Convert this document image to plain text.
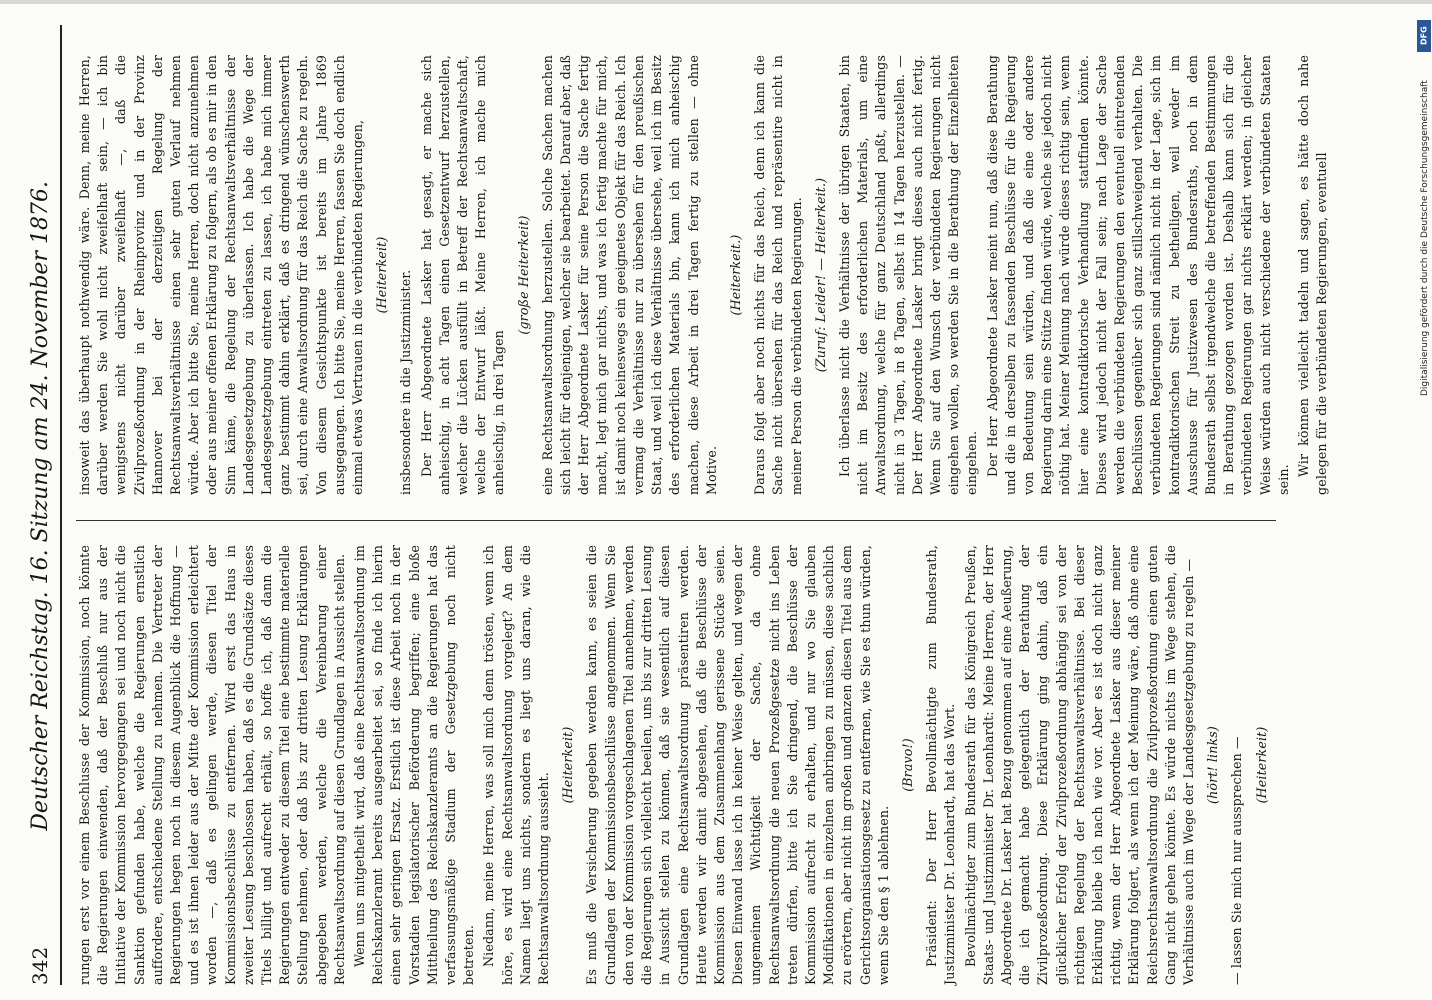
342
Deutscher Reichstag. 16. Sitzung am 24. November 1876. rungen erst vor einem Beschlusse der Kommission, noch könnte die Regierungen einwenden, daß der Beschluß nur aus der Initiative der Kommission hervorgegangen sei und noch nicht die Sanktion gefunden habe, welche die Regierungen ernstlich auffordere, entschiedene Stellung zu nehmen. Die Vertreter der Regierungen hegen noch in diesem Augenblick die Hoffnung — und es ist ihnen leider aus der Mitte der Kommission erleichtert worden —, daß es gelingen werde, diesen Titel der Kommissionsbeschlüsse zu entfernen. Wird erst das Haus in zweiter Lesung beschlossen haben, daß es die Grundsätze dieses Titels billigt und aufrecht erhält, so hoffe ich, daß dann die Regierungen entweder zu diesem Titel eine bestimmte materielle Stellung nehmen, oder daß bis zur dritten Lesung Erklärungen abgegeben werden, welche die Vereinbarung einer Rechtsanwaltsordnung auf diesen Grundlagen in Aussicht stellen. Wenn uns mitgetheilt wird, daß eine Rechtsanwaltsordnung im Reichskanzleramt bereits ausgearbeitet sei, so finde ich hierin einen sehr geringen Ersatz. Erstlich ist diese Arbeit noch in der Vorstadien legislatorischer Beförderung begriffen; eine bloße Mittheilung des Reichskanzleramts an die Regierungen hat das verfassungsmäßige Stadium der Gesetzgebung noch nicht betreten. Niedann, meine Herren, was soll mich denn trösten, wenn ich höre, es wird eine Rechtsanwaltsordnung vorgelegt? An dem Namen liegt uns nichts, sondern es liegt uns daran, wie die Rechtsanwaltsordnung aussieht.

(Heiterkeit) Es muß die Versicherung gegeben werden kann, es seien die Grundlagen der Kommissionsbeschlüsse angenommen. Wenn Sie den von der Kommission vorgeschlagenen Titel annehmen, werden die Regierungen sich vielleicht beeilen, uns bis zur dritten Lesung in Aussicht stellen zu können, daß sie wesentlich auf diesen Grundlagen eine Rechtsanwaltsordnung präsentiren werden. Heute werden wir damit abgesehen, daß die Beschlüsse der Kommission aus dem Zusammenhang gerissene Stücke seien. Diesen Einwand lasse ich in keiner Weise gelten, und wegen der ungemeinen Wichtigkeit der Sache, da ohne Rechtsanwaltsordnung die neuen Prozeßgesetze nicht ins Leben treten dürfen, bitte ich Sie dringend, die Beschlüsse der Kommission aufrecht zu erhalten, und nur wo Sie glauben Modifikationen in einzelnen anbringen zu müssen, diese sachlich zu erörtern, aber nicht im großen und ganzen diesen Titel aus dem Gerichtsorganisationsgesetz zu entfernen, wie Sie es thun würden, wenn Sie den § 1 ablehnen.

(Bravo!) Präsident: Der Herr Bevollmächtigte zum Bundesrath, Justizminister Dr. Leonhardt, hat das Wort. Bevollmächtigter zum Bundesrath für das Königreich Preußen, Staats- und Justizminister Dr. Leonhardt: Meine Herren, der Herr Abgeordnete Dr. Lasker hat Bezug genommen auf eine Aeußerung, die ich gemacht habe gelegentlich der Berathung der Zivilprozeßordnung. Diese Erklärung ging dahin, daß ein glücklicher Erfolg der Zivilprozeßordnung abhängig sei von der richtigen Regelung der Rechtsanwaltsverhältnisse. Bei dieser Erklärung bleibe ich nach wie vor. Aber es ist doch nicht ganz richtig, wenn der Herr Abgeordnete Lasker aus dieser meiner Erklärung folgert, als wenn ich der Meinung wäre, daß ohne eine Reichsrechtsanwaltsordnung die Zivilprozeßordnung einen guten Gang nicht gehen könnte. Es würde nichts im Wege stehen, die Verhältnisse auch im Wege der Landesgesetzgebung zu regeln — (hört! links) — lassen Sie mich nur aussprechen — (Heiterkeit)

insoweit das überhaupt nothwendig wäre. Denn, meine Herren, darüber werden Sie wohl nicht zweifelhaft sein, — ich bin wenigstens nicht darüber zweifelhaft —, daß die Zivilprozeßordnung in der Rheinprovinz und in der Provinz Hannover bei der derzeitigen Regelung der Rechtsanwaltsverhältnisse einen sehr guten Verlauf nehmen würde. Aber ich bitte Sie, meine Herren, doch nicht anzunehmen oder aus meiner offenen Erklärung zu folgern, als ob es mir in den Sinn käme, die Regelung der Rechtsanwaltsverhältnisse der Landesgesetzgebung zu überlassen. Ich habe die Wege der Landesgesetzgebung eintreten zu lassen, ich habe mich immer ganz bestimmt dahin erklärt, daß es dringend wünschenswerth sei, durch eine Anwaltsordnung für das Reich die Sache zu regeln. Von diesem Gesichtspunkte ist bereits im Jahre 1869 ausgegangen. Ich bitte Sie, meine Herren, fassen Sie doch endlich einmal etwas Vertrauen in die verbündeten Regierungen, (Heiterkeit) insbesondere in die Justizminister. Der Herr Abgeordnete Lasker hat gesagt, er mache sich anheischig, in acht Tagen einen Gesetzentwurf herzustellen, welcher die Lücken ausfüllt in Betreff der Rechtsanwaltschaft, welche der Entwurf läßt. Meine Herren, ich mache mich anheischig, in drei Tagen

(große Heiterkeit) eine Rechtsanwaltsordnung herzustellen. Solche Sachen machen sich leicht für denjenigen, welcher sie bearbeitet. Darauf aber, daß der Herr Abgeordnete Lasker für seine Person die Sache fertig macht, legt mich gar nichts, und was ich fertig machte für mich, ist damit noch keineswegs ein geeignetes Objekt für das Reich. Ich vermag die Verhältnisse nur zu übersehen für den preußischen Staat, und weil ich diese Verhältnisse übersehe, weil ich im Besitz des erforderlichen Materials bin, kann ich mich anheischig machen, diese Arbeit in drei Tagen fertig zu stellen — ohne Motive.

(Heiterkeit.) Daraus folgt aber noch nichts für das Reich, denn ich kann die Sache nicht übersehen für das Reich und repräsentire nicht in meiner Person die verbündeten Regierungen. (Zuruf: Leider! — Heiterkeit.) Ich überlasse nicht die Verhältnisse der übrigen Staaten, bin nicht im Besitz des erforderlichen Materials, um eine Anwaltsordnung, welche für ganz Deutschland paßt, allerdings nicht in 3 Tagen, in 8 Tagen, selbst in 14 Tagen herzustellen. — Der Herr Abgeordnete Lasker bringt dieses auch nicht fertig. Wenn Sie auf den Wunsch der verbündeten Regierungen nicht eingehen wollen, so werden Sie in die Berathung der Einzelheiten eingehen. Der Herr Abgeordnete Lasker meint nun, daß diese Berathung und die in derselben zu fassenden Beschlüsse für die Regierung von Bedeutung sein würden, und daß die eine oder andere Regierung darin eine Stütze finden würde, welche sie jedoch nicht nöthig hat. Meiner Meinung nach würde dieses richtig sein, wenn hier eine kontradiktorische Verhandlung stattfinden könnte. Dieses wird jedoch nicht der Fall sein; nach Lage der Sache werden die verbündeten Regierungen den eventuell eintretenden Beschlüssen gegenüber sich ganz stillschweigend verhalten. Die verbündeten Regierungen sind nämlich nicht in der Lage, sich im kontradiktorischen Streit zu betheiligen, weil weder im Ausschusse für Justizwesen des Bundesraths, noch in dem Bundesrath selbst irgendwelche die betreffenden Bestimmungen in Berathung gezogen worden ist. Deshalb kann sich für die verbündeten Regierungen gar nichts erklärt werden; in gleicher Weise würden auch nicht verschiedene der verbündeten Staaten sein.

Wir können vielleicht tadeln und sagen, es hätte doch nahe gelegen für die verbündeten Regierungen, eventuell

DFG
Digitalisierung gefördert durch die Deutsche Forschungsgemeinschaft
